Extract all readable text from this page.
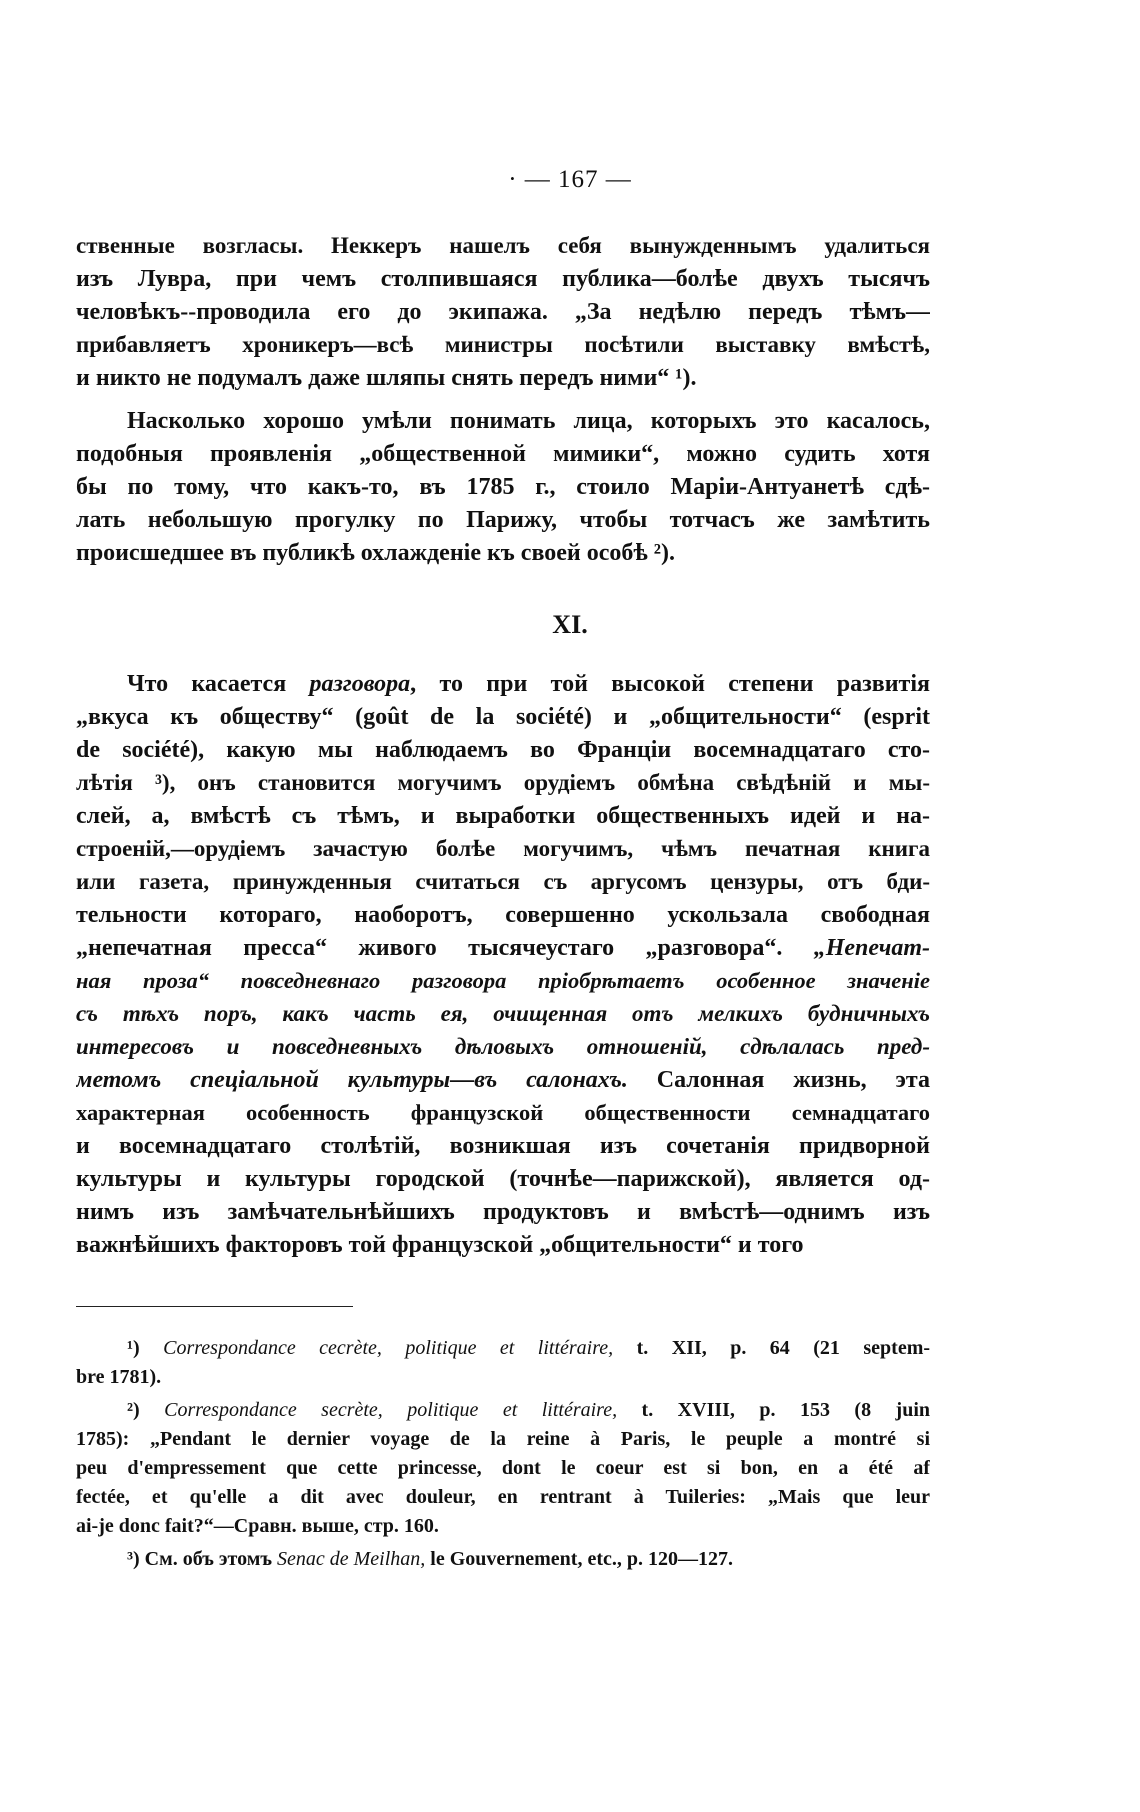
· — 167 —
ственные возгласы. Неккеръ нашелъ себя вынужденнымъ удалиться
изъ Лувра, при чемъ столпившаяся публика—болѣе двухъ тысячъ
человѣкъ--проводила его до экипажа. „За недѣлю передъ тѣмъ—
прибавляетъ хроникеръ—всѣ министры посѣтили выставку вмѣстѣ,
и никто не подумалъ даже шляпы снять передъ ними“ ¹).
Насколько хорошо умѣли понимать лица, которыхъ это касалось,
подобныя проявленія „общественной мимики“, можно судить хотя
бы по тому, что какъ-то, въ 1785 г., стоило Маріи-Антуанетѣ сдѣ-
лать небольшую прогулку по Парижу, чтобы тотчасъ же замѣтить
происшедшее въ публикѣ охлажденіе къ своей особѣ ²).
XI.
Что касается разговора, то при той высокой степени развитія
„вкуса къ обществу“ (goût de la société) и „общительности“ (esprit
de société), какую мы наблюдаемъ во Франціи восемнадцатаго сто-
лѣтія ³), онъ становится могучимъ орудіемъ обмѣна свѣдѣній и мы-
слей, а, вмѣстѣ съ тѣмъ, и выработки общественныхъ идей и на-
строеній,—орудіемъ зачастую болѣе могучимъ, чѣмъ печатная книга
или газета, принужденныя считаться съ аргусомъ цензуры, отъ бди-
тельности котораго, наоборотъ, совершенно ускользала свободная
„непечатная пресса“ живого тысячеустаго „разговора“. „Непечат-
ная проза“ повседневнаго разговора пріобрѣтаетъ особенное значеніе
съ тѣхъ поръ, какъ часть ея, очищенная отъ мелкихъ будничныхъ
интересовъ и повседневныхъ дѣловыхъ отношеній, сдѣлалась пред-
метомъ спеціальной культуры—въ салонахъ. Салонная жизнь, эта
характерная особенность французской общественности семнадцатаго
и восемнадцатаго столѣтій, возникшая изъ сочетанія придворной
культуры и культуры городской (точнѣе—парижской), является од-
нимъ изъ замѣчательнѣйшихъ продуктовъ и вмѣстѣ—однимъ изъ
важнѣйшихъ факторовъ той французской „общительности“ и того
¹) Correspondance cecrète, politique et littéraire, t. XII, p. 64 (21 septem-
bre 1781).
²) Correspondance secrète, politique et littéraire, t. XVIII, p. 153 (8 juin
1785): „Pendant le dernier voyage de la reine à Paris, le peuple a montré si
peu d'empressement que cette princesse, dont le coeur est si bon, en a été af
fectée, et qu'elle a dit avec douleur, en rentrant à Tuileries: „Mais que leur
ai-je donc fait?“—Сравн. выше, стр. 160.
³) См. объ этомъ Senac de Meilhan, le Gouvernement, etc., p. 120—127.
